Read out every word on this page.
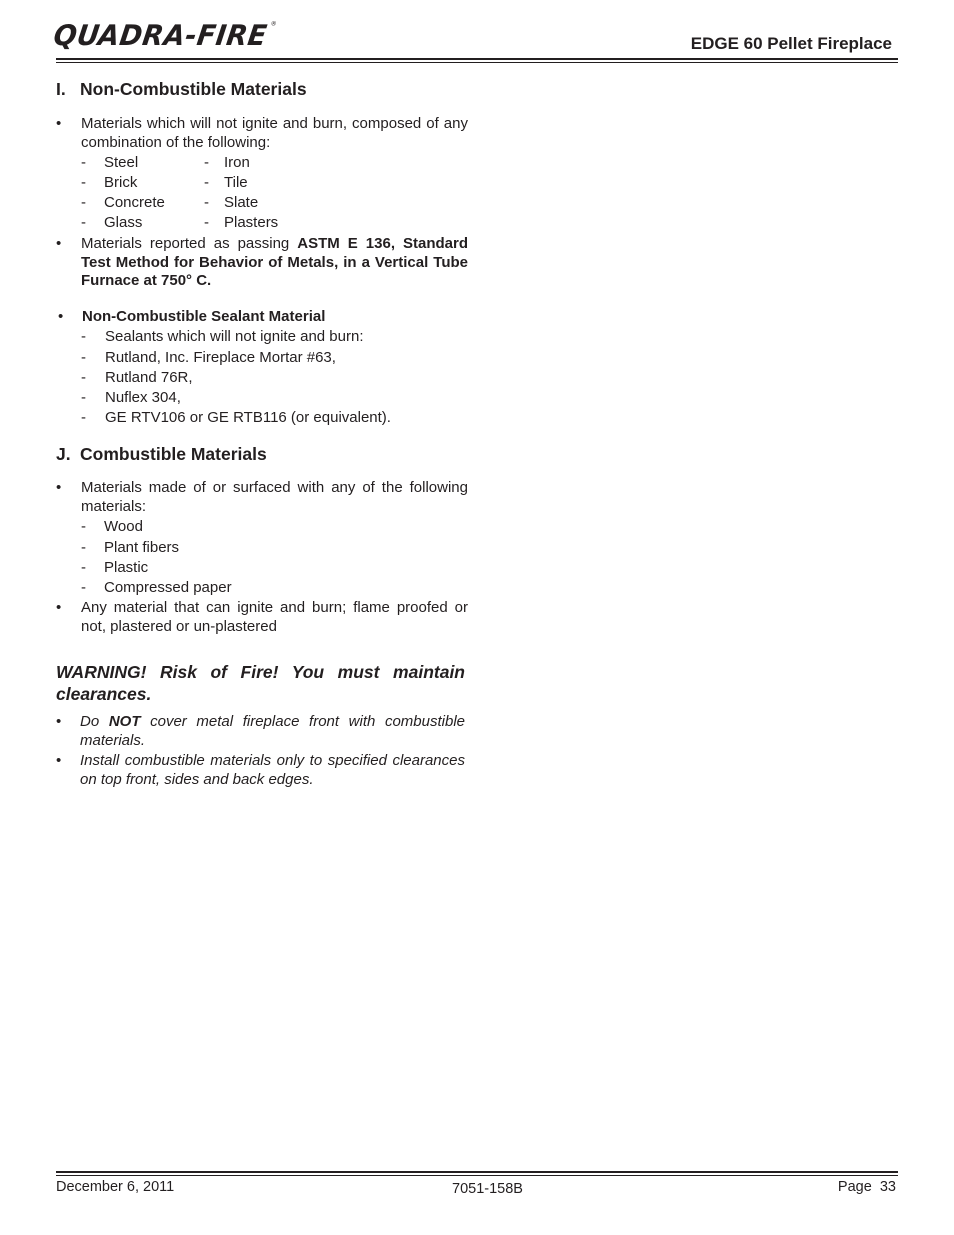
QUADRA-FIRE®
EDGE 60 Pellet Fireplace
I. Non-Combustible Materials
• Materials which will not ignite and burn, composed of any combination of the following:
- Steel
- Brick
- Concrete
- Glass
- Iron
- Tile
- Slate
- Plasters
• Materials reported as passing ASTM E 136, Standard Test Method for Behavior of Metals, in a Vertical Tube Furnace at 750° C.
• Non-Combustible Sealant Material
- Sealants which will not ignite and burn:
- Rutland, Inc. Fireplace Mortar #63,
- Rutland 76R,
- Nuflex 304,
- GE RTV106 or GE RTB116 (or equivalent).
J. Combustible Materials
• Materials made of or surfaced with any of the following materials:
- Wood
- Plant fibers
- Plastic
- Compressed paper
• Any material that can ignite and burn; flame proofed or not, plastered or un-plastered
WARNING! Risk of Fire! You must maintain clearances.
• Do NOT cover metal fireplace front with combustible materials.
• Install combustible materials only to specified clearances on top front, sides and back edges.
December 6, 2011	7051-158B	Page 33
